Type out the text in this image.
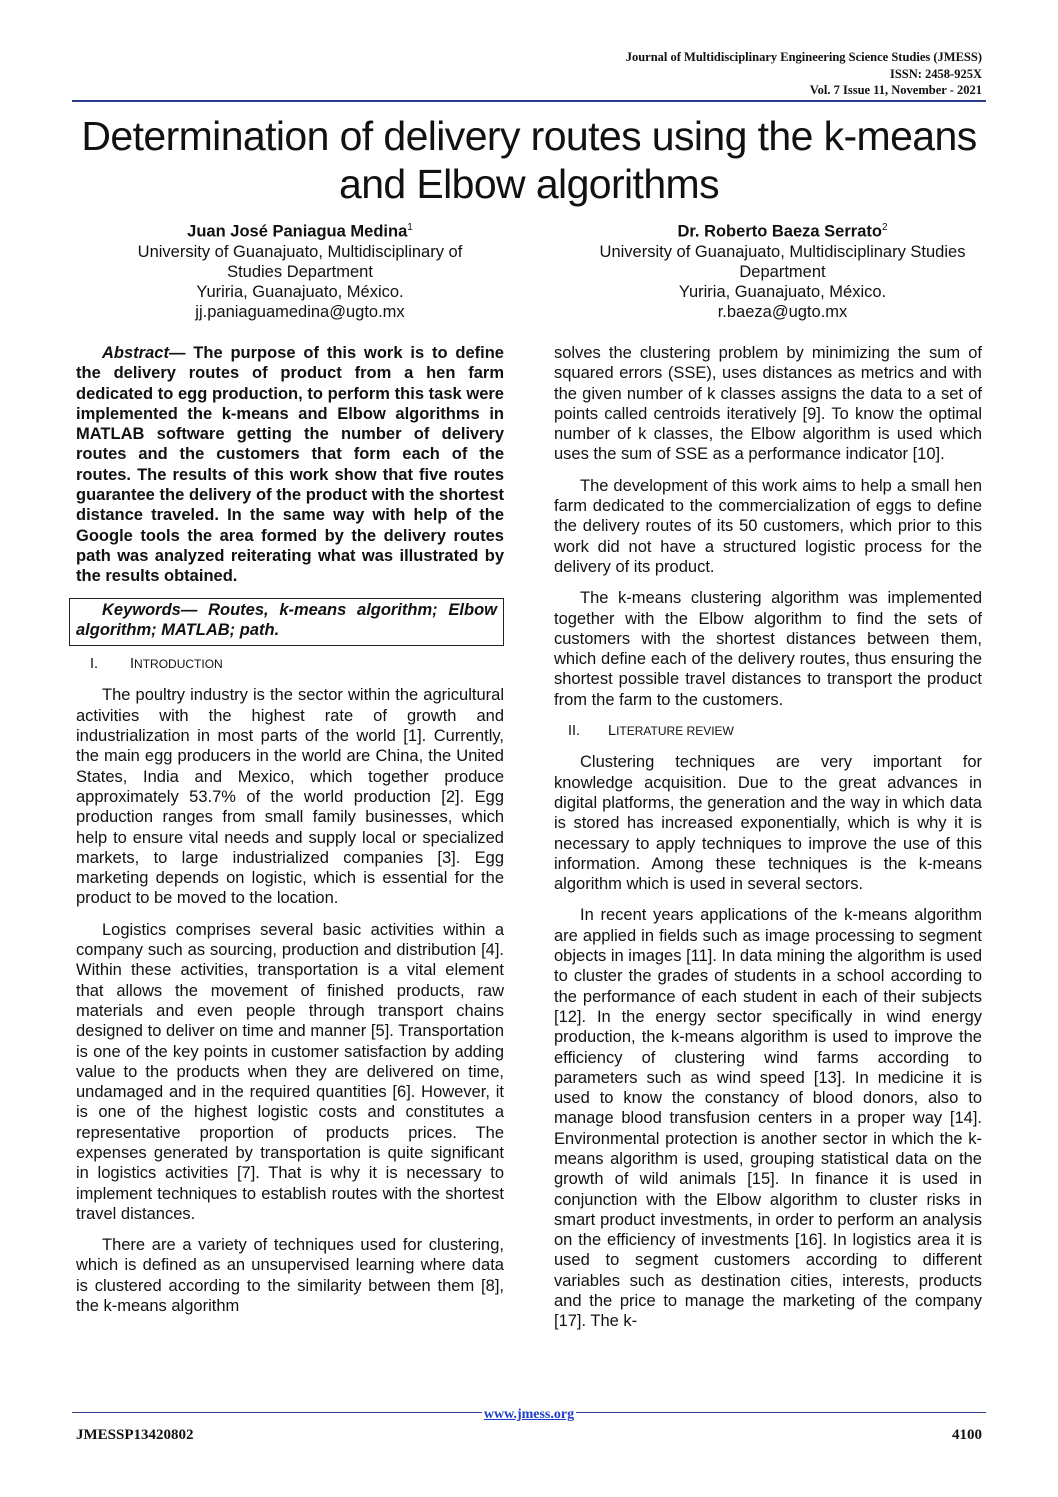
Journal of Multidisciplinary Engineering Science Studies (JMESS)
ISSN: 2458-925X
Vol. 7 Issue 11, November - 2021
Determination of delivery routes using the k-means and Elbow algorithms
Juan José Paniagua Medina$^1$
University of Guanajuato, Multidisciplinary of
Studies Department
Yuriria, Guanajuato, México.
jj.paniaguamedina@ugto.mx
Dr. Roberto Baeza Serrato$^2$
University of Guanajuato, Multidisciplinary Studies
Department
Yuriria, Guanajuato, México.
r.baeza@ugto.mx

Abstract— The purpose of this work is to define the delivery routes of product from a hen farm dedicated to egg production, to perform this task were implemented the k-means and Elbow algorithms in MATLAB software getting the number of delivery routes and the customers that form each of the routes. The results of this work show that five routes guarantee the delivery of the product with the shortest distance traveled. In the same way with help of the Google tools the area formed by the delivery routes path was analyzed reiterating what was illustrated by the results obtained.

Keywords— Routes, k-means algorithm; Elbow algorithm; MATLAB; path.
I. INTRODUCTION

The poultry industry is the sector within the agricultural activities with the highest rate of growth and industrialization in most parts of the world [1]. Currently, the main egg producers in the world are China, the United States, India and Mexico, which together produce approximately 53.7% of the world production [2]. Egg production ranges from small family businesses, which help to ensure vital needs and supply local or specialized markets, to large industrialized companies [3]. Egg marketing depends on logistic, which is essential for the product to be moved to the location.

Logistics comprises several basic activities within a company such as sourcing, production and distribution [4]. Within these activities, transportation is a vital element that allows the movement of finished products, raw materials and even people through transport chains designed to deliver on time and manner [5]. Transportation is one of the key points in customer satisfaction by adding value to the products when they are delivered on time, undamaged and in the required quantities [6]. However, it is one of the highest logistic costs and constitutes a representative proportion of products prices. The expenses generated by transportation is quite significant in logistics activities [7]. That is why it is necessary to implement techniques to establish routes with the shortest travel distances.

There are a variety of techniques used for clustering, which is defined as an unsupervised learning where data is clustered according to the similarity between them [8], the k-means algorithm

solves the clustering problem by minimizing the sum of squared errors (SSE), uses distances as metrics and with the given number of k classes assigns the data to a set of points called centroids iteratively [9]. To know the optimal number of k classes, the Elbow algorithm is used which uses the sum of SSE as a performance indicator [10].

The development of this work aims to help a small hen farm dedicated to the commercialization of eggs to define the delivery routes of its 50 customers, which prior to this work did not have a structured logistic process for the delivery of its product.

The k-means clustering algorithm was implemented together with the Elbow algorithm to find the sets of customers with the shortest distances between them, which define each of the delivery routes, thus ensuring the shortest possible travel distances to transport the product from the farm to the customers.

II. LITERATURE REVIEW

Clustering techniques are very important for knowledge acquisition. Due to the great advances in digital platforms, the generation and the way in which data is stored has increased exponentially, which is why it is necessary to apply techniques to improve the use of this information. Among these techniques is the k-means algorithm which is used in several sectors.

In recent years applications of the k-means algorithm are applied in fields such as image processing to segment objects in images [11]. In data mining the algorithm is used to cluster the grades of students in a school according to the performance of each student in each of their subjects [12]. In the energy sector specifically in wind energy production, the k-means algorithm is used to improve the efficiency of clustering wind farms according to parameters such as wind speed [13]. In medicine it is used to know the constancy of blood donors, also to manage blood transfusion centers in a proper way [14]. Environmental protection is another sector in which the k-means algorithm is used, grouping statistical data on the growth of wild animals [15]. In finance it is used in conjunction with the Elbow algorithm to cluster risks in smart product investments, in order to perform an analysis on the efficiency of investments [16]. In logistics area it is used to segment customers according to different variables such as destination cities, interests, products and the price to manage the marketing of the company [17]. The k-

www.jmess.org
JMESSP13420802	4100
